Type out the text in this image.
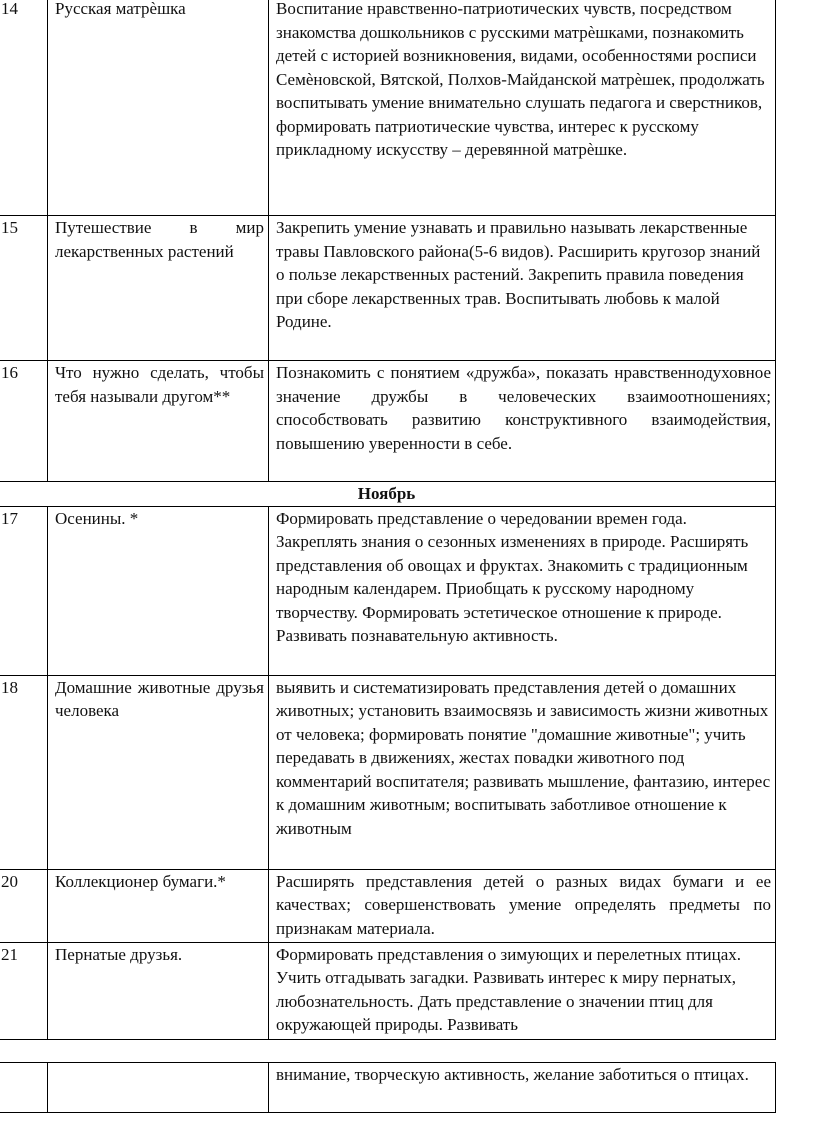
14	Русская матрѐшка	Воспитание нравственно-патриотических чувств, посредством знакомства дошкольников с русскими матрѐшками, познакомить детей с историей возникновения, видами, особенностями росписи Семѐновской, Вятской, Полхов-Майданской матрѐшек, продолжать воспитывать умение внимательно слушать педагога и сверстников, формировать патриотические чувства, интерес к русскому прикладному искусству – деревянной матрѐшке.
15	Путешествие в мир лекарственных растений	Закрепить умение узнавать и правильно называть лекарственные травы Павловского района(5-6 видов). Расширить кругозор знаний о пользе лекарственных растений. Закрепить правила поведения при сборе лекарственных трав. Воспитывать любовь к малой Родине.
16	Что нужно сделать, чтобы тебя называли другом**	Познакомить с понятием «дружба», показать нравственнодуховное значение дружбы в человеческих взаимоотношениях; способствовать развитию конструктивного взаимодействия, повышению уверенности в себе.
Ноябрь		
17	Осенины. *	Формировать представление о чередовании времен года. Закреплять знания о сезонных изменениях в природе. Расширять представления об овощах и фруктах. Знакомить с традиционным народным календарем. Приобщать к русскому народному творчеству. Формировать эстетическое отношение к природе. Развивать познавательную активность.
18	Домашние животные друзья человека	выявить и систематизировать представления детей о домашних животных; установить взаимосвязь и зависимость жизни животных от человека; формировать понятие "домашние животные"; учить передавать в движениях, жестах повадки животного под комментарий воспитателя; развивать мышление, фантазию, интерес к домашним животным; воспитывать заботливое отношение к животным
20	Коллекционер бумаги.*	Расширять представления детей о разных видах бумаги и ее качествах; совершенствовать умение определять предметы по признакам материала.
21	Пернатые друзья.	Формировать представления о зимующих и перелетных птицах. Учить отгадывать загадки. Развивать интерес к миру пернатых, любознательность. Дать представление о значении птиц для окружающей природы. Развивать
		внимание, творческую активность, желание заботиться о птицах.
